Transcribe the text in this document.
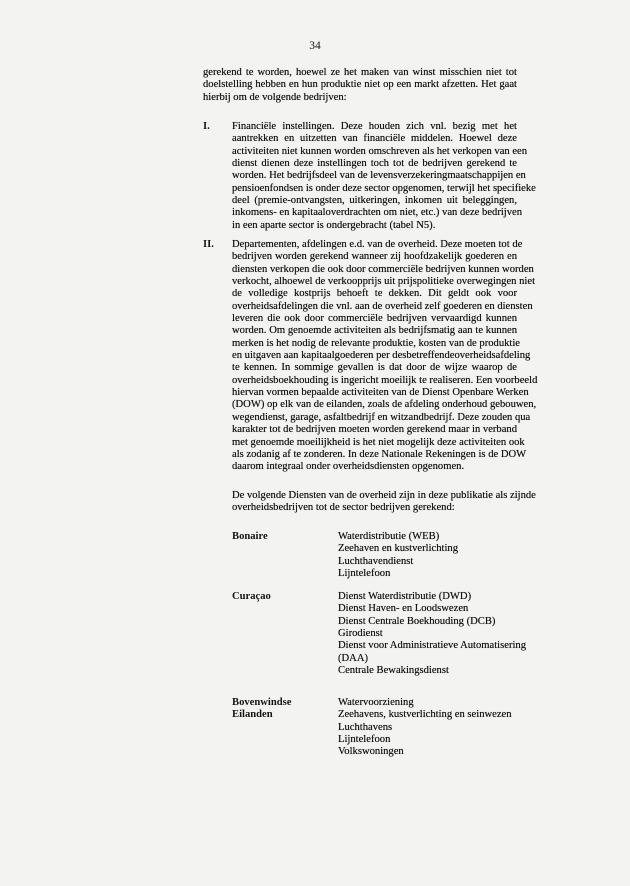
34
gerekend te worden, hoewel ze het maken van winst misschien niet tot
doelstelling hebben en hun produktie niet op een markt afzetten. Het gaat
hierbij om de volgende bedrijven:
I. Financiële instellingen. Deze houden zich vnl. bezig met het
aantrekken en uitzetten van financiële middelen. Hoewel deze
activiteiten niet kunnen worden omschreven als het verkopen van een
dienst dienen deze instellingen toch tot de bedrijven gerekend te
worden. Het bedrijfsdeel van de levensverzekeringmaatschappijen en
pensioenfondsen is onder deze sector opgenomen, terwijl het specifieke
deel (premie-ontvangsten, uitkeringen, inkomen uit beleggingen,
inkomens- en kapitaaloverdrachten om niet, etc.) van deze bedrijven
in een aparte sector is ondergebracht (tabel N5).
II. Departementen, afdelingen e.d. van de overheid. Deze moeten tot de
bedrijven worden gerekend wanneer zij hoofdzakelijk goederen en
diensten verkopen die ook door commerciële bedrijven kunnen worden
verkocht, alhoewel de verkoopprijs uit prijspolitieke overwegingen niet
de volledige kostprijs behoeft te dekken. Dit geldt ook voor
overheidsafdelingen die vnl. aan de overheid zelf goederen en diensten
leveren die ook door commerciële bedrijven vervaardigd kunnen
worden. Om genoemde activiteiten als bedrijfsmatig aan te kunnen
merken is het nodig de relevante produktie, kosten van de produktie
en uitgaven aan kapitaalgoederen per desbetreffendeoverheidsafdeling
te kennen. In sommige gevallen is dat door de wijze waarop de
overheidsboekhouding is ingericht moeilijk te realiseren. Een voorbeeld
hiervan vormen bepaalde activiteiten van de Dienst Openbare Werken
(DOW) op elk van de eilanden, zoals de afdeling onderhoud gebouwen,
wegendienst, garage, asfaltbedrijf en witzandbedrijf. Deze zouden qua
karakter tot de bedrijven moeten worden gerekend maar in verband
met genoemde moeilijkheid is het niet mogelijk deze activiteiten ook
als zodanig af te zonderen. In deze Nationale Rekeningen is de DOW
daarom integraal onder overheidsdiensten opgenomen.
De volgende Diensten van de overheid zijn in deze publikatie als zijnde
overheidsbedrijven tot de sector bedrijven gerekend:
Bonaire	Waterdistributie (WEB)
Zeehaven en kustverlichting
Luchthavendienst
Lijntelefoon
Curaçao	Dienst Waterdistributie (DWD)
Dienst Haven- en Loodswezen
Dienst Centrale Boekhouding (DCB)
Girodienst
Dienst voor Administratieve Automatisering
(DAA)
Centrale Bewakingsdienst
Bovenwindse
Eilanden
Watervoorziening
Zeehavens, kustverlichting en seinwezen
Luchthavens
Lijntelefoon
Volkswoningen
